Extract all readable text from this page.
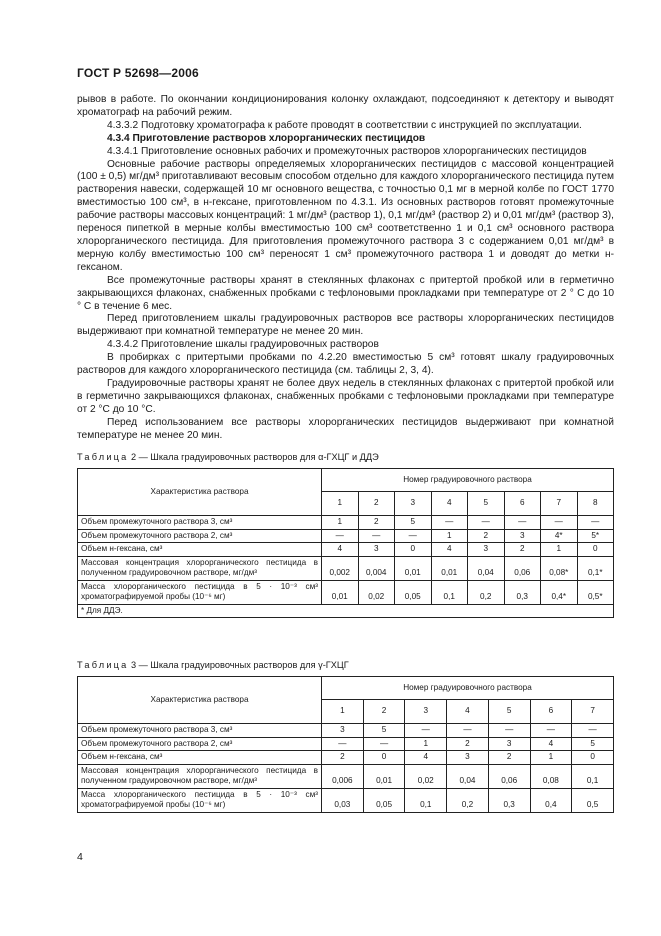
ГОСТ Р 52698—2006

рывов в работе. По окончании кондиционирования колонку охлаждают, подсоединяют к детектору и выводят хроматограф на рабочий режим.

4.3.3.2 Подготовку хроматографа к работе проводят в соответствии с инструкцией по эксплуатации.

4.3.4 Приготовление растворов хлорорганических пестицидов

4.3.4.1 Приготовление основных рабочих и промежуточных растворов хлорорганических пестицидов

Основные рабочие растворы определяемых хлорорганических пестицидов с массовой концентрацией (100 ± 0,5) мг/дм³ приготавливают весовым способом отдельно для каждого хлорорганического пестицида путем растворения навески, содержащей 10 мг основного вещества, с точностью 0,1 мг в мерной колбе по ГОСТ 1770 вместимостью 100 см³, в н-гексане, приготовленном по 4.3.1. Из основных растворов готовят промежуточные рабочие растворы массовых концентраций: 1 мг/дм³ (раствор 1), 0,1 мг/дм³ (раствор 2) и 0,01 мг/дм³ (раствор 3), перенося пипеткой в мерные колбы вместимостью 100 см³ соответственно 1 и 0,1 см³ основного раствора хлорорганического пестицида. Для приготовления промежуточного раствора 3 с содержанием 0,01 мг/дм³ в мерную колбу вместимостью 100 см³ переносят 1 см³ промежуточного раствора 1 и доводят до метки н-гексаном.

Все промежуточные растворы хранят в стеклянных флаконах с притертой пробкой или в герметично закрывающихся флаконах, снабженных пробками с тефлоновыми прокладками при температуре от 2 ° С до 10 ° С в течение 6 мес.

Перед приготовлением шкалы градуировочных растворов все растворы хлорорганических пестицидов выдерживают при комнатной температуре не менее 20 мин.

4.3.4.2 Приготовление шкалы градуировочных растворов

В пробирках с притертыми пробками по 4.2.20 вместимостью 5 см³ готовят шкалу градуировочных растворов для каждого хлорорганического пестицида (см. таблицы 2, 3, 4).

Градуировочные растворы хранят не более двух недель в стеклянных флаконах с притертой пробкой или в герметично закрывающихся флаконах, снабженных пробками с тефлоновыми прокладками при температуре от 2 °С до 10 °С.

Перед использованием все растворы хлорорганических пестицидов выдерживают при комнатной температуре не менее 20 мин.

Таблица 2 — Шкала градуировочных растворов для α-ГХЦГ и ДДЭ
Характеристика раствора	Номер градуировочного раствора							
	1	2	3	4	5	6	7	8
Объем промежуточного раствора 3, см³	1	2	5	—	—	—	—	—
Объем промежуточного раствора 2, см³	—	—	—	1	2	3	4*	5*
Объем н-гексана, см³	4	3	0	4	3	2	1	0
Массовая концентрация хлорорганического пестицида в полученном градуировочном растворе, мг/дм³	0,002	0,004	0,01	0,01	0,04	0,06	0,08*	0,1*
Масса хлорорганического пестицида в 5 · 10⁻³ см³ хроматографируемой пробы (10⁻⁶ мг)	0,01	0,02	0,05	0,1	0,2	0,3	0,4*	0,5*
* Для ДДЭ.								
Таблица 3 — Шкала градуировочных растворов для γ-ГХЦГ
Характеристика раствора	Номер градуировочного раствора						
	1	2	3	4	5	6	7
Объем промежуточного раствора 3, см³	3	5	—	—	—	—	—
Объем промежуточного раствора 2, см³	—	—	1	2	3	4	5
Объем н-гексана, см³	2	0	4	3	2	1	0
Массовая концентрация хлорорганического пестицида в полученном градуировочном растворе, мг/дм³	0,006	0,01	0,02	0,04	0,06	0,08	0,1
Масса хлорорганического пестицида в 5 · 10⁻³ см³ хроматографируемой пробы (10⁻⁶ мг)	0,03	0,05	0,1	0,2	0,3	0,4	0,5
4
